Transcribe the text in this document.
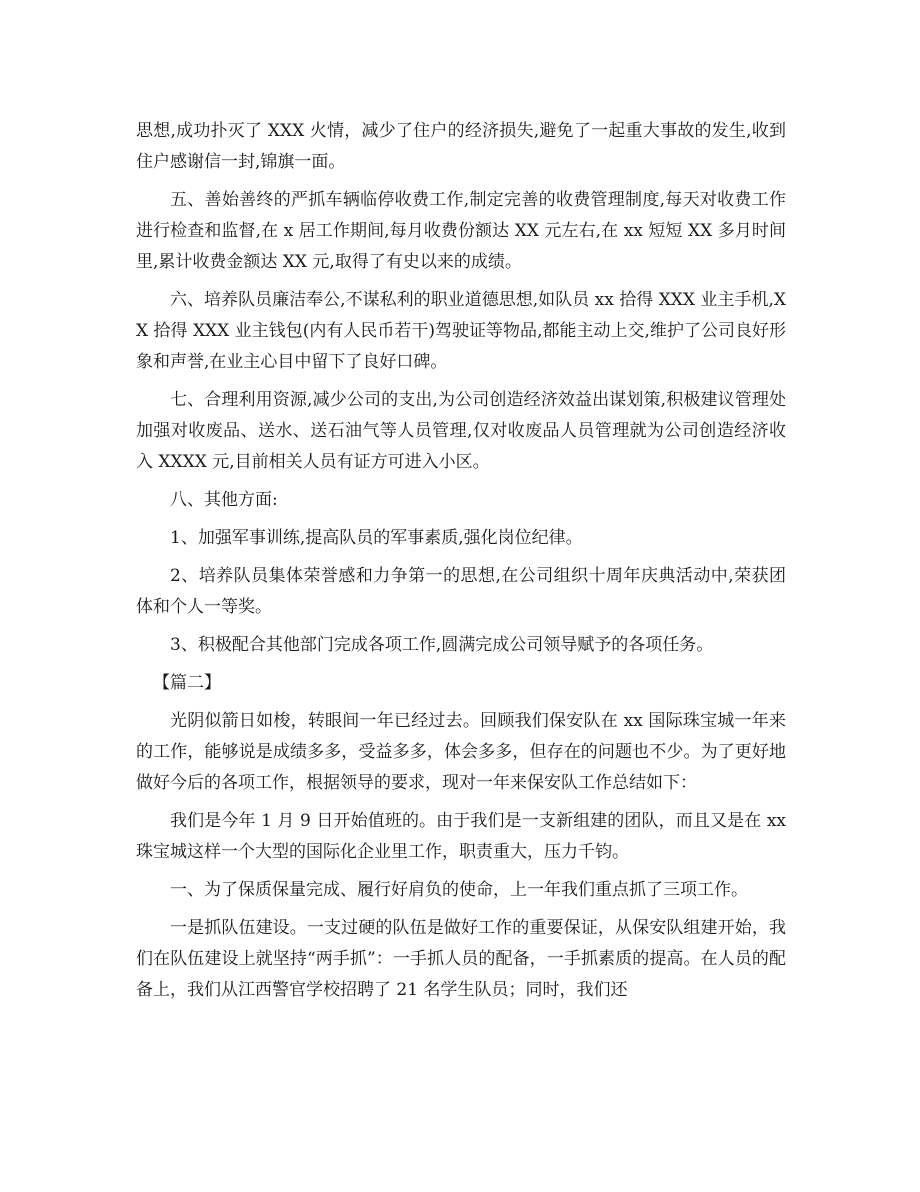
思想,成功扑灭了 XXX 火情，减少了住户的经济损失,避免了一起重大事故的发生,收到住户感谢信一封,锦旗一面。

五、善始善终的严抓车辆临停收费工作,制定完善的收费管理制度,每天对收费工作进行检查和监督,在 x 居工作期间,每月收费份额达 XX 元左右,在 xx 短短 XX 多月时间里,累计收费金额达 XX 元,取得了有史以来的成绩。

六、培养队员廉洁奉公,不谋私利的职业道德思想,如队员 xx 拾得 XXX 业主手机,XX 拾得 XXX 业主钱包(内有人民币若干)驾驶证等物品,都能主动上交,维护了公司良好形象和声誉,在业主心目中留下了良好口碑。

七、合理利用资源,减少公司的支出,为公司创造经济效益出谋划策,积极建议管理处加强对收废品、送水、送石油气等人员管理,仅对收废品人员管理就为公司创造经济收入 XXXX 元,目前相关人员有证方可进入小区。

八、其他方面:

1、加强军事训练,提高队员的军事素质,强化岗位纪律。

2、培养队员集体荣誉感和力争第一的思想,在公司组织十周年庆典活动中,荣获团体和个人一等奖。

3、积极配合其他部门完成各项工作,圆满完成公司领导赋予的各项任务。

【篇二】

光阴似箭日如梭，转眼间一年已经过去。回顾我们保安队在 xx 国际珠宝城一年来的工作，能够说是成绩多多，受益多多，体会多多，但存在的问题也不少。为了更好地做好今后的各项工作，根据领导的要求，现对一年来保安队工作总结如下：

我们是今年 1 月 9 日开始值班的。由于我们是一支新组建的团队，而且又是在 xx 珠宝城这样一个大型的国际化企业里工作，职责重大，压力千钧。

一、为了保质保量完成、履行好肩负的使命，上一年我们重点抓了三项工作。

一是抓队伍建设。一支过硬的队伍是做好工作的重要保证，从保安队组建开始，我们在队伍建设上就坚持“两手抓”：一手抓人员的配备，一手抓素质的提高。在人员的配备上，我们从江西警官学校招聘了 21 名学生队员；同时，我们还
